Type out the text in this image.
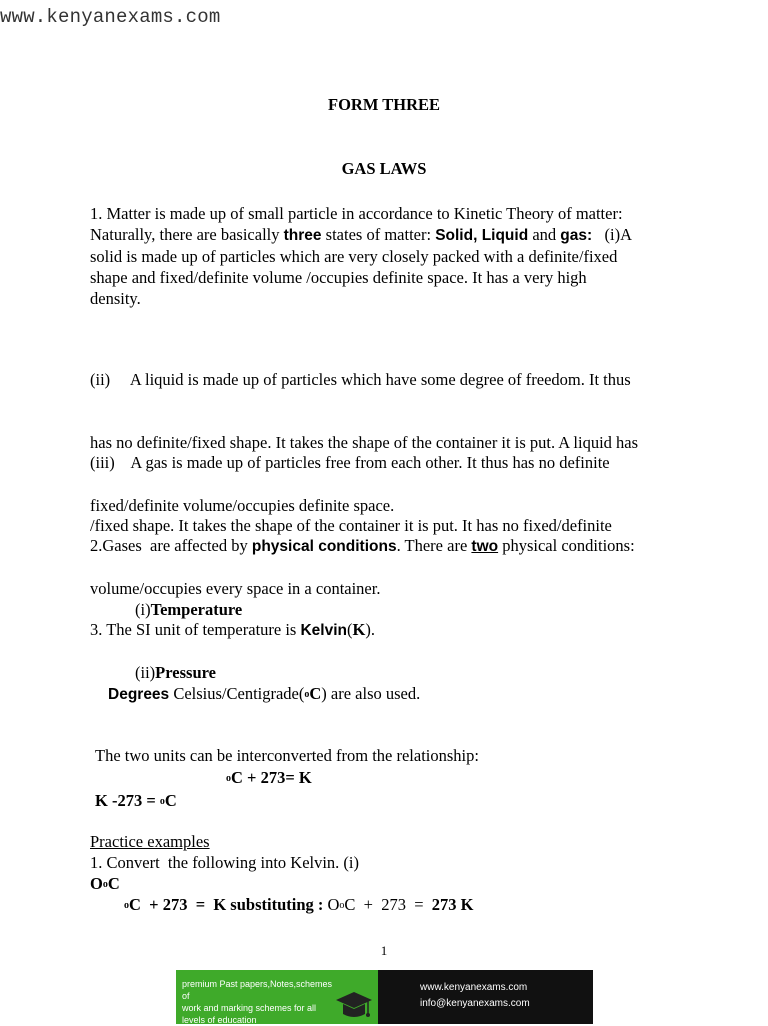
www.kenyanexams.com
FORM THREE
GAS LAWS
1. Matter is made up of small particle in accordance to Kinetic Theory of matter:
Naturally, there are basically three states of matter: Solid, Liquid and gas:   (i)A
solid is made up of particles which are very closely packed with a definite/fixed
shape and fixed/definite volume /occupies definite space. It has a very high
density.

(ii)     A liquid is made up of particles which have some degree of freedom. It thus

has no definite/fixed shape. It takes the shape of the container it is put. A liquid has

fixed/definite volume/occupies definite space.

(iii)    A gas is made up of particles free from each other. It thus has no definite

/fixed shape. It takes the shape of the container it is put. It has no fixed/definite

volume/occupies every space in a container.

2.Gases  are affected by physical conditions. There are two physical conditions:

(i)Temperature

(ii)Pressure

3. The SI unit of temperature is Kelvin(K).

Degrees Celsius/Centigrade($^o$C) are also used.

The two units can be interconverted from the relationship:
$^o$C + 273= K
K -273 = $^o$C
Practice examples
1. Convert  the following into Kelvin. (i)
$O^oC$
$^o$C  + 273  =  K substituting : $O^oC + 273 = 273$ K
1
premium Past papers,Notes,schemes of
work and marking schemes for all
levels of education
www.kenyanexams.com
info@kenyanexams.com
